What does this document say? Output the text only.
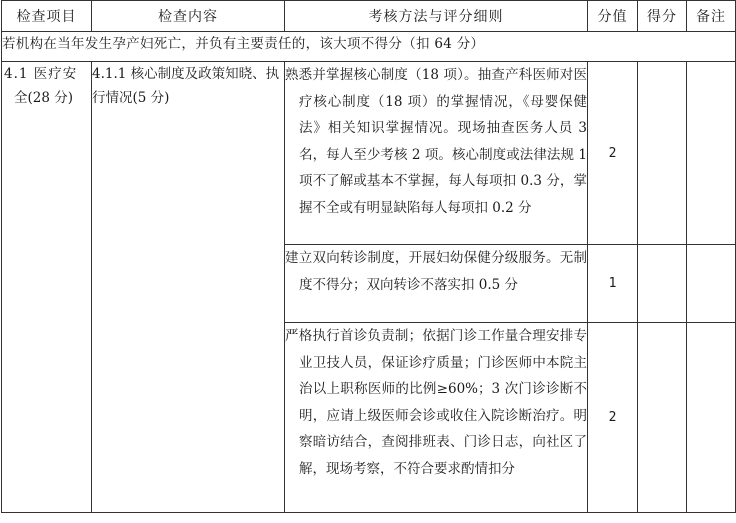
检查项目	检查内容	考核方法与评分细则	分值	得分	备注
若机构在当年发生孕产妇死亡，并负有主要责任的，该大项不得分（扣 64 分）					

4.1 医疗安
全(28 分)	4.1.1 核心制度及政策知晓、执行情况(5 分)	熟悉并掌握核心制度（18 项）。抽查产科医师对医疗核心制度（18 项）的掌握情况，《母婴保健法》相关知识掌握情况。现场抽查医务人员 3 名，每人至少考核 2 项。核心制度或法律法规 1 项不了解或基本不掌握，每人每项扣 0.3 分，掌握不全或有明显缺陷每人每项扣 0.2 分	2		

		建立双向转诊制度，开展妇幼保健分级服务。无制度不得分；双向转诊不落实扣 0.5 分	1		

		严格执行首诊负责制；依据门诊工作量合理安排专业卫技人员，保证诊疗质量；门诊医师中本院主治以上职称医师的比例≥60%；3 次门诊诊断不明，应请上级医师会诊或收住入院诊断治疗。明察暗访结合，查阅排班表、门诊日志，向社区了解，现场考察，不符合要求酌情扣分	2		
